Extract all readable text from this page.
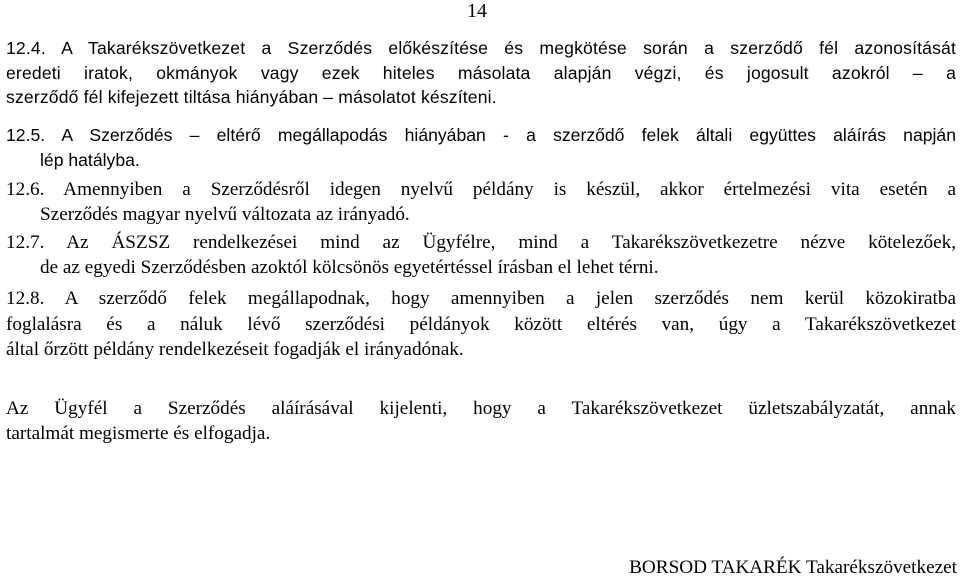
14
12.4. A Takarékszövetkezet a Szerződés előkészítése és megkötése során a szerződő fél azonosítását
eredeti iratok, okmányok vagy ezek hiteles másolata alapján végzi, és jogosult azokról – a
szerződő fél kifejezett tiltása hiányában – másolatot készíteni.
12.5. A Szerződés – eltérő megállapodás hiányában - a szerződő felek általi együttes aláírás napján
lép hatályba.
12.6. Amennyiben a Szerződésről idegen nyelvű példány is készül, akkor értelmezési vita esetén a
Szerződés magyar nyelvű változata az irányadó.
12.7. Az ÁSZSZ rendelkezései mind az Ügyfélre, mind a Takarékszövetkezetre nézve kötelezőek,
de az egyedi Szerződésben azoktól kölcsönös egyetértéssel írásban el lehet térni.
12.8. A szerződő felek megállapodnak, hogy amennyiben a jelen szerződés nem kerül közokiratba
foglalásra és a náluk lévő szerződési példányok között eltérés van, úgy a Takarékszövetkezet
által őrzött példány rendelkezéseit fogadják el irányadónak.
Az Ügyfél a Szerződés aláírásával kijelenti, hogy a Takarékszövetkezet üzletszabályzatát, annak
tartalmát megismerte és elfogadja.
BORSOD TAKARÉK Takarékszövetkezet
